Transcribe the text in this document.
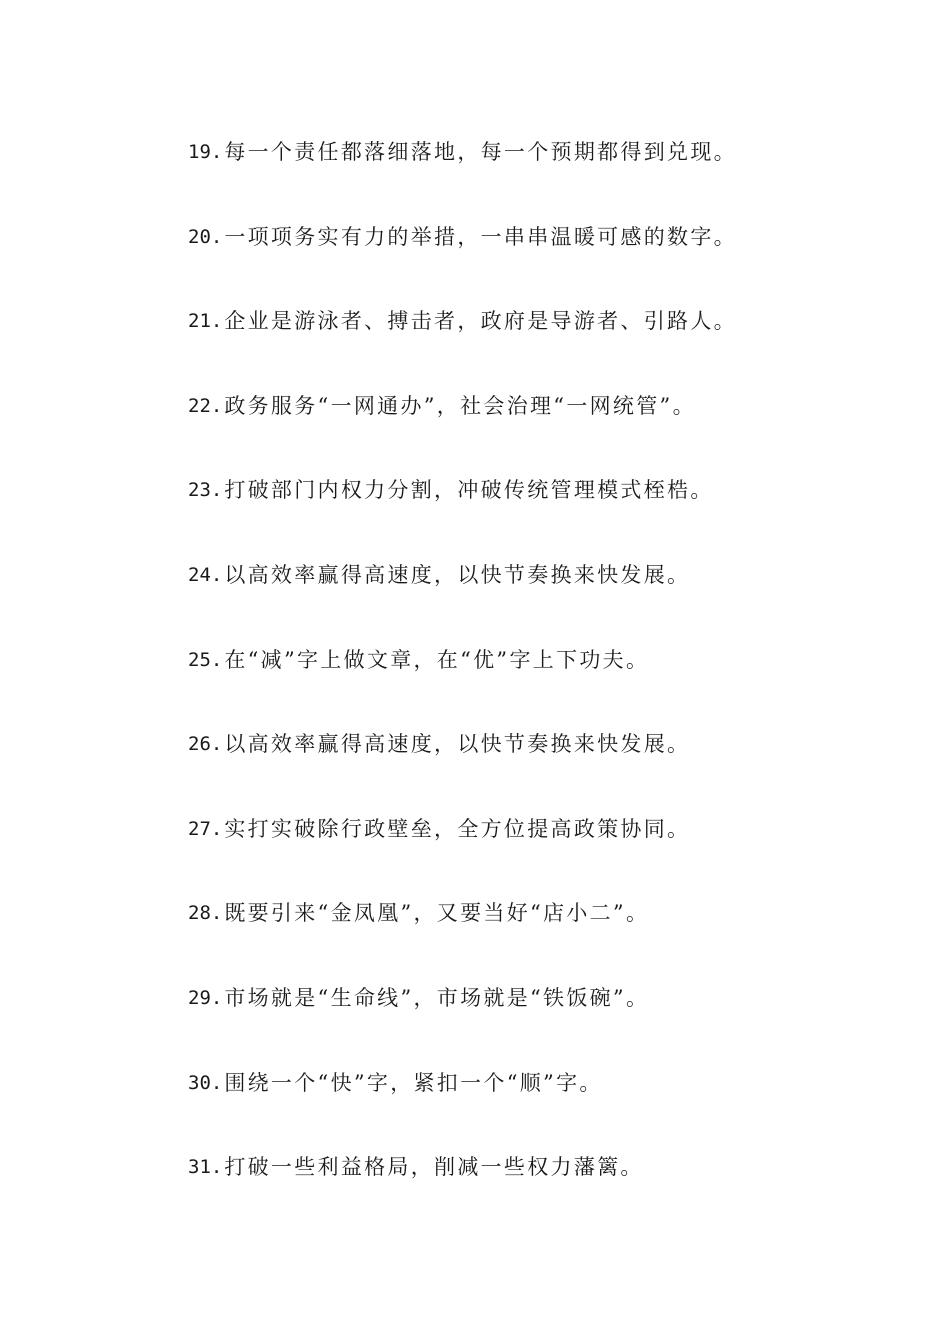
19. 每一个责任都落细落地，每一个预期都得到兑现。
20. 一项项务实有力的举措，一串串温暖可感的数字。
21. 企业是游泳者、搏击者，政府是导游者、引路人。
22. 政务服务“一网通办”，社会治理“一网统管”。
23. 打破部门内权力分割，冲破传统管理模式桎梏。
24. 以高效率赢得高速度，以快节奏换来快发展。
25. 在“减”字上做文章，在“优”字上下功夫。
26. 以高效率赢得高速度，以快节奏换来快发展。
27. 实打实破除行政壁垒，全方位提高政策协同。
28. 既要引来“金凤凰”，又要当好“店小二”。
29. 市场就是“生命线”，市场就是“铁饭碗”。
30. 围绕一个“快”字，紧扣一个“顺”字。
31. 打破一些利益格局，削减一些权力藩篱。
